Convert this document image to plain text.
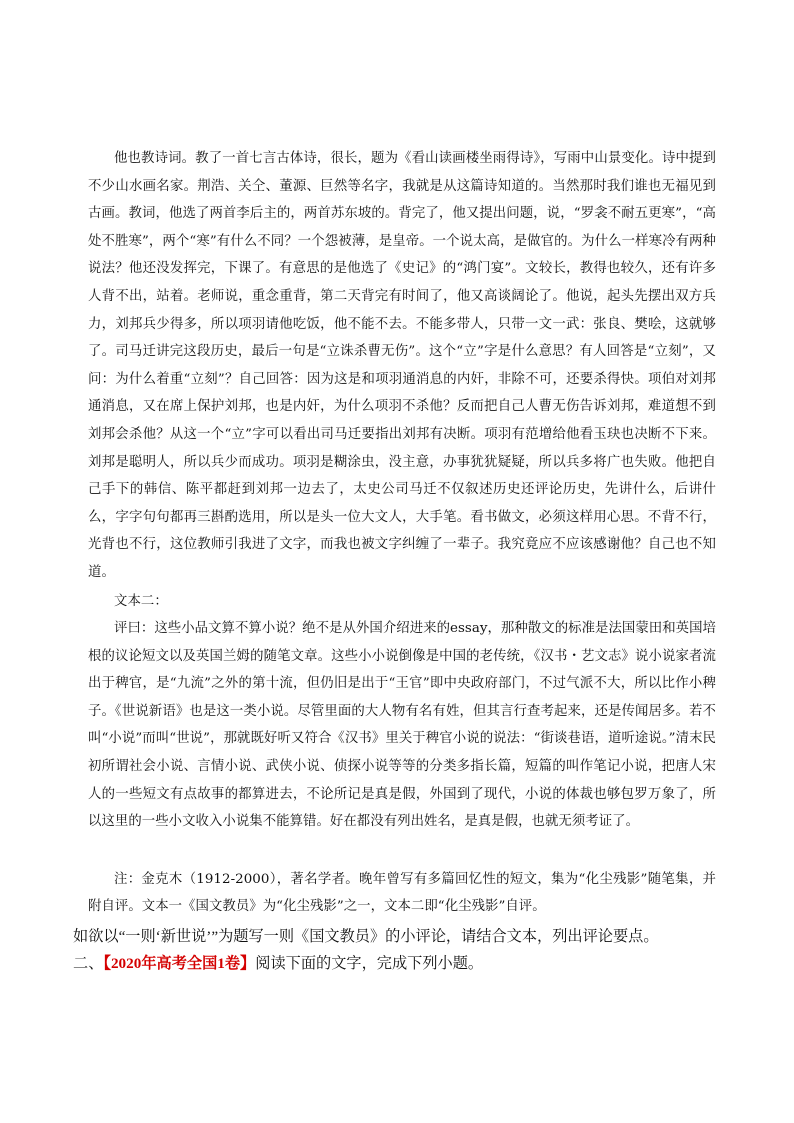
他也教诗词。教了一首七言古体诗，很长，题为《看山读画楼坐雨得诗》，写雨中山景变化。诗中提到不少山水画名家。荆浩、关仝、董源、巨然等名字，我就是从这篇诗知道的。当然那时我们谁也无福见到古画。教词，他选了两首李后主的，两首苏东坡的。背完了，他又提出问题，说，“罗衾不耐五更寒”，“高处不胜寒”，两个“寒”有什么不同？一个怨被薄，是皇帝。一个说太高，是做官的。为什么一样寒冷有两种说法？他还没发挥完，下课了。有意思的是他选了《史记》的“鸿门宴”。文较长，教得也较久，还有许多人背不出，站着。老师说，重念重背，第二天背完有时间了，他又高谈阔论了。他说，起头先摆出双方兵力，刘邦兵少得多，所以项羽请他吃饭，他不能不去。不能多带人，只带一文一武：张良、樊哙，这就够了。司马迁讲完这段历史，最后一句是“立诛杀曹无伤”。这个“立”字是什么意思？有人回答是“立刻”，又问：为什么着重“立刻”？自己回答：因为这是和项羽通消息的内奸，非除不可，还要杀得快。项伯对刘邦通消息，又在席上保护刘邦，也是内奸，为什么项羽不杀他？反而把自己人曹无伤告诉刘邦，难道想不到刘邦会杀他？从这一个“立”字可以看出司马迁要指出刘邦有决断。项羽有范增给他看玉玦也决断不下来。刘邦是聪明人，所以兵少而成功。项羽是糊涂虫，没主意，办事犹犹疑疑，所以兵多将广也失败。他把自己手下的韩信、陈平都赶到刘邦一边去了，太史公司马迁不仅叙述历史还评论历史，先讲什么，后讲什么，字字句句都再三斟酌选用，所以是头一位大文人，大手笔。看书做文，必须这样用心思。不背不行，光背也不行，这位教师引我进了文字，而我也被文字纠缠了一辈子。我究竟应不应该感谢他？自己也不知道。

文本二：

评曰：这些小品文算不算小说？绝不是从外国介绍进来的essay，那种散文的标准是法国蒙田和英国培根的议论短文以及英国兰姆的随笔文章。这些小小说倒像是中国的老传统，《汉书・艺文志》说小说家者流出于稗官，是“九流”之外的第十流，但仍旧是出于“王官”即中央政府部门，不过气派不大，所以比作小稗子。《世说新语》也是这一类小说。尽管里面的大人物有名有姓，但其言行查考起来，还是传闻居多。若不叫“小说”而叫“世说”，那就既好听又符合《汉书》里关于稗官小说的说法：“街谈巷语，道听途说。”清末民初所谓社会小说、言情小说、武侠小说、侦探小说等等的分类多指长篇，短篇的叫作笔记小说，把唐人宋人的一些短文有点故事的都算进去，不论所记是真是假，外国到了现代，小说的体裁也够包罗万象了，所以这里的一些小文收入小说集不能算错。好在都没有列出姓名，是真是假，也就无须考证了。

注：金克木（1912-2000），著名学者。晚年曾写有多篇回忆性的短文，集为“化尘残影”随笔集，并附自评。文本一《国文教员》为“化尘残影”之一，文本二即“化尘残影”自评。

如欲以“一则‘新世说’”为题写一则《国文教员》的小评论，请结合文本，列出评论要点。

二、【2020年高考全国1卷】阅读下面的文字，完成下列小题。
